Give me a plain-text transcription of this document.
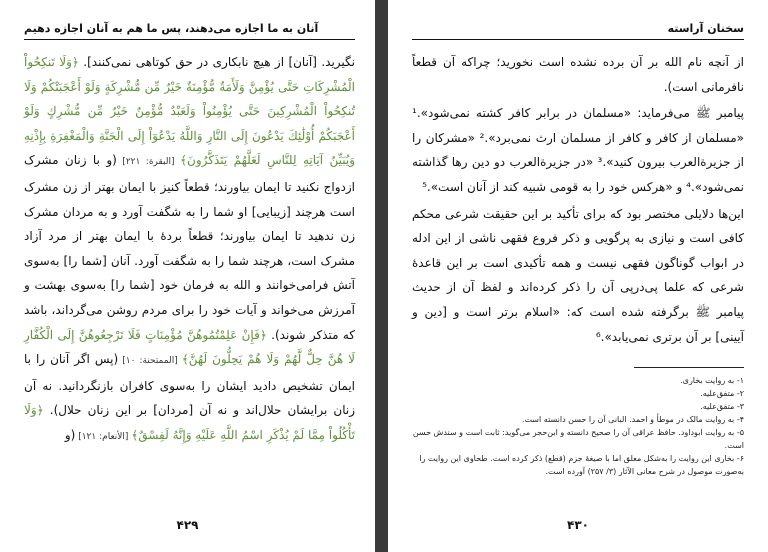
آنان به ما اجازه می‌دهند، پس ما هم به آنان اجازه دهیم

نگیرید. [آنان] از هیچ نابکاری در حق کوتاهی نمی‌کنند]. ﴿وَلَا تَنكِحُواْ الْمُشْرِكَاتِ حَتَّى يُؤْمِنَّ وَلَأَمَةٌ مُّؤْمِنَةٌ خَيْرٌ مِّن مُّشْرِكَةٍ وَلَوْ أَعْجَبَتْكُمْ وَلَا تُنكِحُواْ الْمُشْرِكِينَ حَتَّى يُؤْمِنُواْ وَلَعَبْدٌ مُّؤْمِنٌ خَيْرٌ مِّن مُّشْرِكٍ وَلَوْ أَعْجَبَكُمْ أُوْلَٰئِكَ يَدْعُونَ إِلَى النَّارِ وَاللَّهُ يَدْعُوٓاْ إِلَى الْجَنَّةِ وَالْمَغْفِرَةِ بِإِذْنِهِ وَيُبَيِّنُ آيَاتِهِ لِلنَّاسِ لَعَلَّهُمْ يَتَذَكَّرُونَ﴾ [البقرة: ۲۲۱] (و با زنان مشرک ازدواج نکنید تا ایمان بیاورند؛ قطعاً کنیز با ایمان بهتر از زن مشرک است هرچند [زیبایی] او شما را به شگفت آورد و به مردان مشرک زن ندهید تا ایمان بیاورند؛ قطعاً بردهٔ با ایمان بهتر از مرد آزاد مشرک است، هرچند شما را به شگفت آورد. آنان [شما را] به‌سوی آتش فرامی‌خوانند و الله به فرمان خود [شما را] به‌سوی بهشت و آمرزش می‌خواند و آیات خود را برای مردم روشن می‌گرداند، باشد که متذکر شوند). ﴿فَإِنْ عَلِمْتُمُوهُنَّ مُؤْمِنَاتٍ فَلَا تَرْجِعُوهُنَّ إِلَى الْكُفَّارِ لَا هُنَّ حِلٌّ لَّهُمْ وَلَا هُمْ يَحِلُّونَ لَهُنَّ﴾ [الممتحنة: ۱۰] (پس اگر آنان را با ایمان تشخیص دادید ایشان را به‌سوی کافران بازنگردانید. نه آن زنان برایشان حلال‌اند و نه آن [مردان] بر این زنان حلال). ﴿وَلَا تَأْكُلُواْ مِمَّا لَمْ يُذْكَرِ اسْمُ اللَّهِ عَلَيْهِ وَإِنَّهُ لَفِسْقٌ﴾ [الأنعام: ۱۲۱] (و

۴۲۹
سخنان آراسته

از آنچه نام الله بر آن برده نشده است نخورید؛ چراکه آن قطعاً نافرمانی است).

پیامبر ﷺ می‌فرماید: «مسلمان در برابر کافر کشته نمی‌شود».¹ «مسلمان از کافر و کافر از مسلمان ارث نمی‌برد».² «مشرکان را از جزیرةالعرب بیرون کنید».³ «در جزیرةالعرب دو دین رها گذاشته نمی‌شود».⁴ و «هرکس خود را به قومی شبیه کند از آنان است».⁵

این‌ها دلایلی مختصر بود که برای تأکید بر این حقیقت شرعی محکم کافی است و نیازی به پرگویی و ذکر فروع فقهی ناشی از این ادله در ابواب گوناگون فقهی نیست و همه تأکیدی است بر این قاعدهٔ شرعی که علما پی‌درپی آن را ذکر کرده‌اند و لفظ آن از حدیث پیامبر ﷺ برگرفته شده است که: «اسلام برتر است و [دین و آیینی] بر آن برتری نمی‌یابد».⁶

۱- به روایت بخاری.
۲- متفق‌علیه.
۳- متفق‌علیه.
۴- به روایت مالک در موطأ و احمد. البانی آن را حسن دانسته است.
۵- به روایت ابوداود. حافظ عراقی آن را صحیح دانسته و ابن‌حجر می‌گوید: ثابت است و سندش حسن است.
۶- بخاری این روایت را به‌شکل معلق اما با صیغهٔ جزم (قطع) ذکر کرده است. طحاوی این روایت را به‌صورت موصول در شرح معانی الآثار (۳/ ۲۵۷) آورده است.
۴۳۰
